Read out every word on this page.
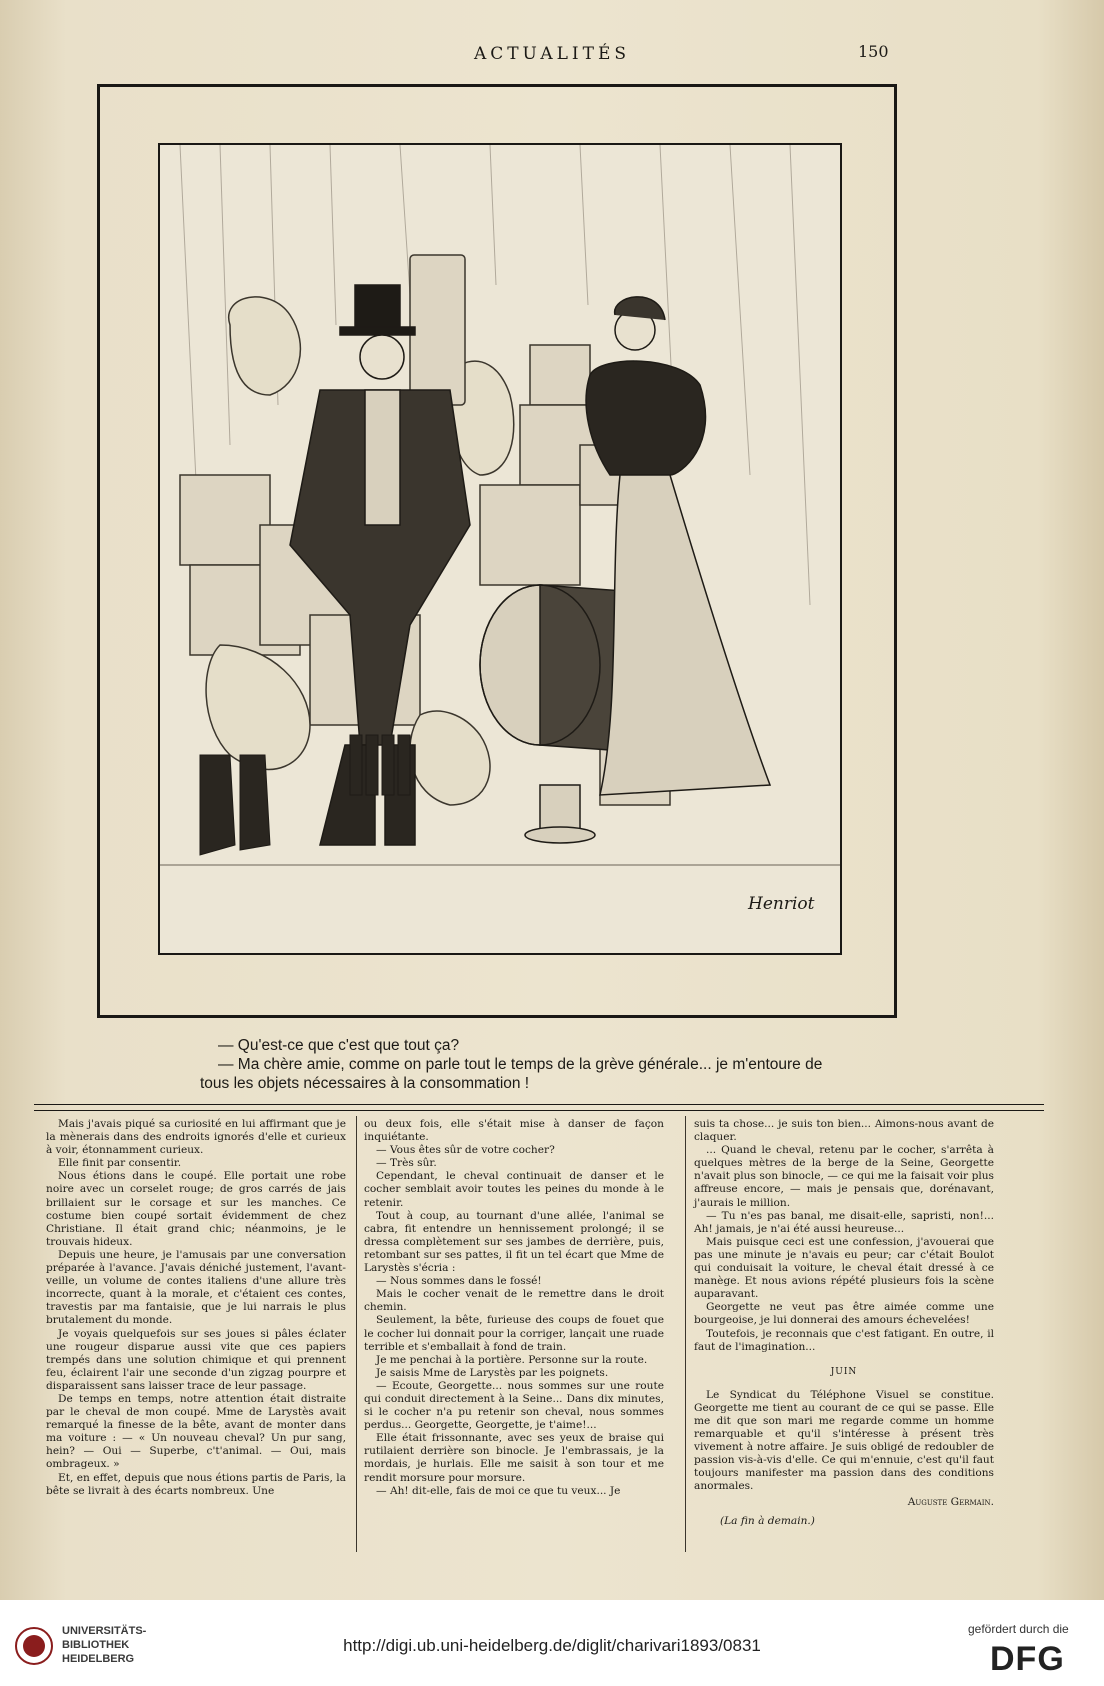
ACTUALITÉS	150
Henriot
— Qu'est-ce que c'est que tout ça?
— Ma chère amie, comme on parle tout le temps de la grève générale... je m'entoure de
tous les objets nécessaires à la consommation !

Mais j'avais piqué sa curiosité en lui affirmant que je la mènerais dans des endroits ignorés d'elle et curieux à voir, étonnamment curieux.

Elle finit par consentir.

Nous étions dans le coupé. Elle portait une robe noire avec un corselet rouge; de gros carrés de jais brillaient sur le corsage et sur les manches. Ce costume bien coupé sortait évidemment de chez Christiane. Il était grand chic; néanmoins, je le trouvais hideux.

Depuis une heure, je l'amusais par une conversation préparée à l'avance. J'avais déniché justement, l'avant-veille, un volume de contes italiens d'une allure très incorrecte, quant à la morale, et c'étaient ces contes, travestis par ma fantaisie, que je lui narrais le plus brutalement du monde.

Je voyais quelquefois sur ses joues si pâles éclater une rougeur disparue aussi vite que ces papiers trempés dans une solution chimique et qui prennent feu, éclairent l'air une seconde d'un zigzag pourpre et disparaissent sans laisser trace de leur passage.

De temps en temps, notre attention était distraite par le cheval de mon coupé. Mme de Larystès avait remarqué la finesse de la bête, avant de monter dans ma voiture : — « Un nouveau cheval? Un pur sang, hein? — Oui — Superbe, c't'animal. — Oui, mais ombrageux. »

Et, en effet, depuis que nous étions partis de Paris, la bête se livrait à des écarts nombreux. Une

ou deux fois, elle s'était mise à danser de façon inquiétante.

— Vous êtes sûr de votre cocher?

— Très sûr.

Cependant, le cheval continuait de danser et le cocher semblait avoir toutes les peines du monde à le retenir.

Tout à coup, au tournant d'une allée, l'animal se cabra, fit entendre un hennissement prolongé; il se dressa complètement sur ses jambes de derrière, puis, retombant sur ses pattes, il fit un tel écart que Mme de Larystès s'écria :

— Nous sommes dans le fossé!

Mais le cocher venait de le remettre dans le droit chemin.

Seulement, la bête, furieuse des coups de fouet que le cocher lui donnait pour la corriger, lançait une ruade terrible et s'emballait à fond de train.

Je me penchai à la portière. Personne sur la route.

Je saisis Mme de Larystès par les poignets.

— Ecoute, Georgette... nous sommes sur une route qui conduit directement à la Seine... Dans dix minutes, si le cocher n'a pu retenir son cheval, nous sommes perdus... Georgette, Georgette, je t'aime!...

Elle était frissonnante, avec ses yeux de braise qui rutilaient derrière son binocle. Je l'embrassais, je la mordais, je hurlais. Elle me saisit à son tour et me rendit morsure pour morsure.

— Ah! dit-elle, fais de moi ce que tu veux... Je

suis ta chose... je suis ton bien... Aimons-nous avant de claquer.

... Quand le cheval, retenu par le cocher, s'arrêta à quelques mètres de la berge de la Seine, Georgette n'avait plus son binocle, — ce qui me la faisait voir plus affreuse encore, — mais je pensais que, dorénavant, j'aurais le million.

— Tu n'es pas banal, me disait-elle, sapristi, non!... Ah! jamais, je n'ai été aussi heureuse...

Mais puisque ceci est une confession, j'avouerai que pas une minute je n'avais eu peur; car c'était Boulot qui conduisait la voiture, le cheval était dressé à ce manège. Et nous avions répété plusieurs fois la scène auparavant.

Georgette ne veut pas être aimée comme une bourgeoise, je lui donnerai des amours échevelées!

Toutefois, je reconnais que c'est fatigant. En outre, il faut de l'imagination...

JUIN

Le Syndicat du Téléphone Visuel se constitue. Georgette me tient au courant de ce qui se passe. Elle me dit que son mari me regarde comme un homme remarquable et qu'il s'intéresse à présent très vivement à notre affaire. Je suis obligé de redoubler de passion vis-à-vis d'elle. Ce qui m'ennuie, c'est qu'il faut toujours manifester ma passion dans des conditions anormales.

Auguste Germain.

(La fin à demain.)

UNIVERSITÄTS-
BIBLIOTHEK
HEIDELBERG
http://digi.ub.uni-heidelberg.de/diglit/charivari1893/0831
gefördert durch die
DFG
